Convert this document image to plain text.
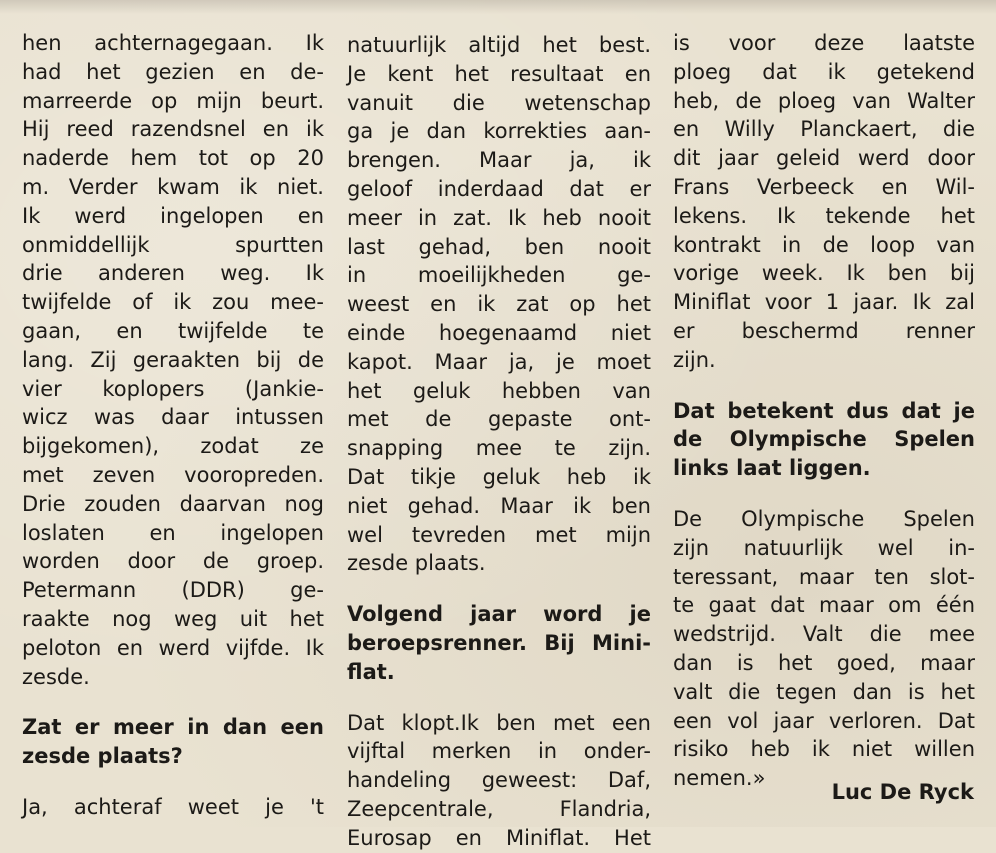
hen achternagegaan. Ik
had het gezien en de-
marreerde op mijn beurt.
Hij reed razendsnel en ik
naderde hem tot op 20
m. Verder kwam ik niet.
Ik werd ingelopen en
onmiddellijk spurtten
drie anderen weg. Ik
twijfelde of ik zou mee-
gaan, en twijfelde te
lang. Zij geraakten bij de
vier koplopers (Jankie-
wicz was daar intussen
bijgekomen), zodat ze
met zeven vooropreden.
Drie zouden daarvan nog
loslaten en ingelopen
worden door de groep.
Petermann (DDR) ge-
raakte nog weg uit het
peloton en werd vijfde. Ik
zesde.
Zat er meer in dan een
zesde plaats?
Ja, achteraf weet je 't
natuurlijk altijd het best.
Je kent het resultaat en
vanuit die wetenschap
ga je dan korrekties aan-
brengen. Maar ja, ik
geloof inderdaad dat er
meer in zat. Ik heb nooit
last gehad, ben nooit
in moeilijkheden ge-
weest en ik zat op het
einde hoegenaamd niet
kapot. Maar ja, je moet
het geluk hebben van
met de gepaste ont-
snapping mee te zijn.
Dat tikje geluk heb ik
niet gehad. Maar ik ben
wel tevreden met mijn
zesde plaats.
Volgend jaar word je
beroepsrenner. Bij Mini-
flat.
Dat klopt.Ik ben met een
vijftal merken in onder-
handeling geweest: Daf,
Zeepcentrale, Flandria,
Eurosap en Miniflat. Het
is voor deze laatste
ploeg dat ik getekend
heb, de ploeg van Walter
en Willy Planckaert, die
dit jaar geleid werd door
Frans Verbeeck en Wil-
lekens. Ik tekende het
kontrakt in de loop van
vorige week. Ik ben bij
Miniflat voor 1 jaar. Ik zal
er beschermd renner
zijn.
Dat betekent dus dat je
de Olympische Spelen
links laat liggen.
De Olympische Spelen
zijn natuurlijk wel in-
teressant, maar ten slot-
te gaat dat maar om één
wedstrijd. Valt die mee
dan is het goed, maar
valt die tegen dan is het
een vol jaar verloren. Dat
risiko heb ik niet willen
nemen.»
Luc De Ryck
